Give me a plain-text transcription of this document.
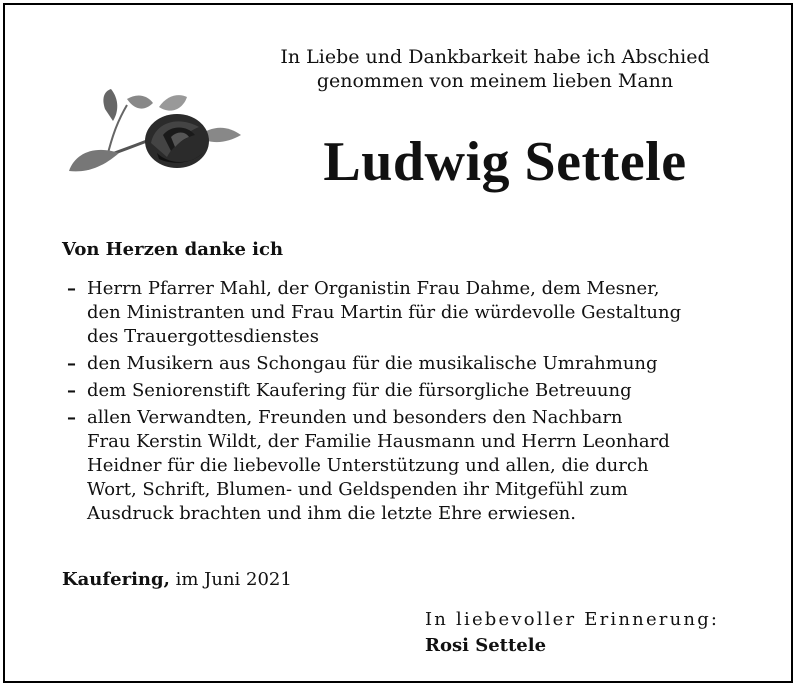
In Liebe und Dankbarkeit habe ich Abschied
genommen von meinem lieben Mann
Ludwig Settele
Von Herzen danke ich
– Herrn Pfarrer Mahl, der Organistin Frau Dahme, dem Mesner,
den Ministranten und Frau Martin für die würdevolle Gestaltung
des Trauergottesdienstes
– den Musikern aus Schongau für die musikalische Umrahmung
– dem Seniorenstift Kaufering für die fürsorgliche Betreuung
– allen Verwandten, Freunden und besonders den Nachbarn
Frau Kerstin Wildt, der Familie Hausmann und Herrn Leonhard
Heidner für die liebevolle Unterstützung und allen, die durch
Wort, Schrift, Blumen- und Geldspenden ihr Mitgefühl zum
Ausdruck brachten und ihm die letzte Ehre erwiesen.
Kaufering, im Juni 2021
In liebevoller Erinnerung:
Rosi Settele
